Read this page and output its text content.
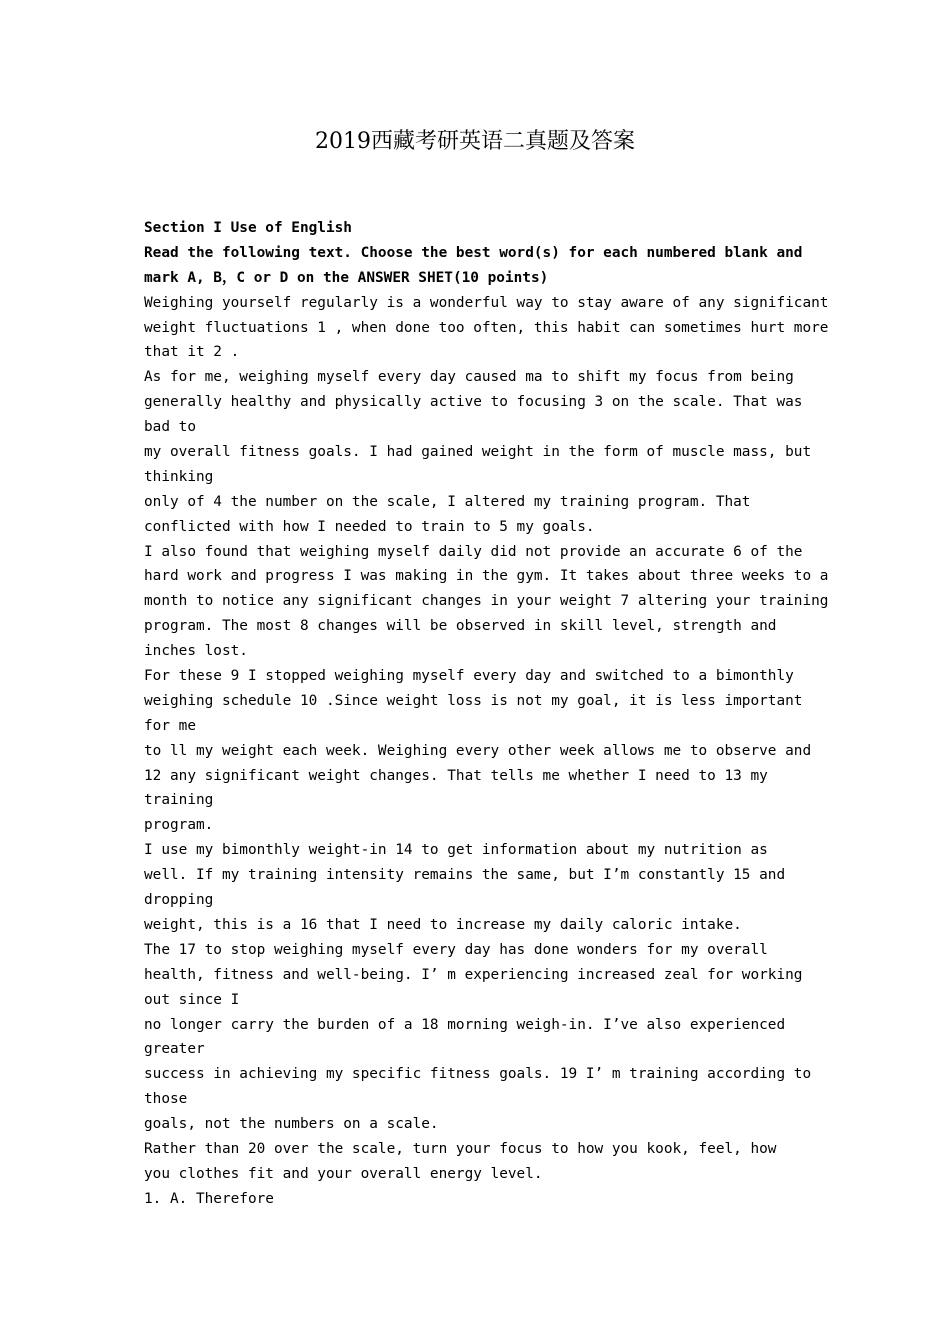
2019西藏考研英语二真题及答案
Section I Use of English
Read the following text. Choose the best word(s) for each numbered blank and
mark A, B，C or D on the ANSWER SHET(10 points)
Weighing yourself regularly is a wonderful way to stay aware of any significant
weight fluctuations 1 , when done too often, this habit can sometimes hurt more
that it 2 .
As for me, weighing myself every day caused ma to shift my focus from being
generally healthy and physically active to focusing 3 on the scale. That was
bad to
my overall fitness goals. I had gained weight in the form of muscle mass, but
thinking
only of 4 the number on the scale, I altered my training program. That
conflicted with how I needed to train to 5 my goals.
I also found that weighing myself daily did not provide an accurate 6 of the
hard work and progress I was making in the gym. It takes about three weeks to a
month to notice any significant changes in your weight 7 altering your training
program. The most 8 changes will be observed in skill level, strength and
inches lost.
For these 9 I stopped weighing myself every day and switched to a bimonthly
weighing schedule 10 .Since weight loss is not my goal, it is less important
for me
to ll my weight each week. Weighing every other week allows me to observe and
12 any significant weight changes. That tells me whether I need to 13 my
training
program.
I use my bimonthly weight-in 14 to get information about my nutrition as
well. If my training intensity remains the same, but I’m constantly 15 and
dropping
weight, this is a 16 that I need to increase my daily caloric intake.
The 17 to stop weighing myself every day has done wonders for my overall
health, fitness and well-being. I’ m experiencing increased zeal for working
out since I
no longer carry the burden of a 18 morning weigh-in. I’ve also experienced
greater
success in achieving my specific fitness goals. 19 I’ m training according to
those
goals, not the numbers on a scale.
Rather than 20 over the scale, turn your focus to how you kook, feel, how
you clothes fit and your overall energy level.
1. A. Therefore
